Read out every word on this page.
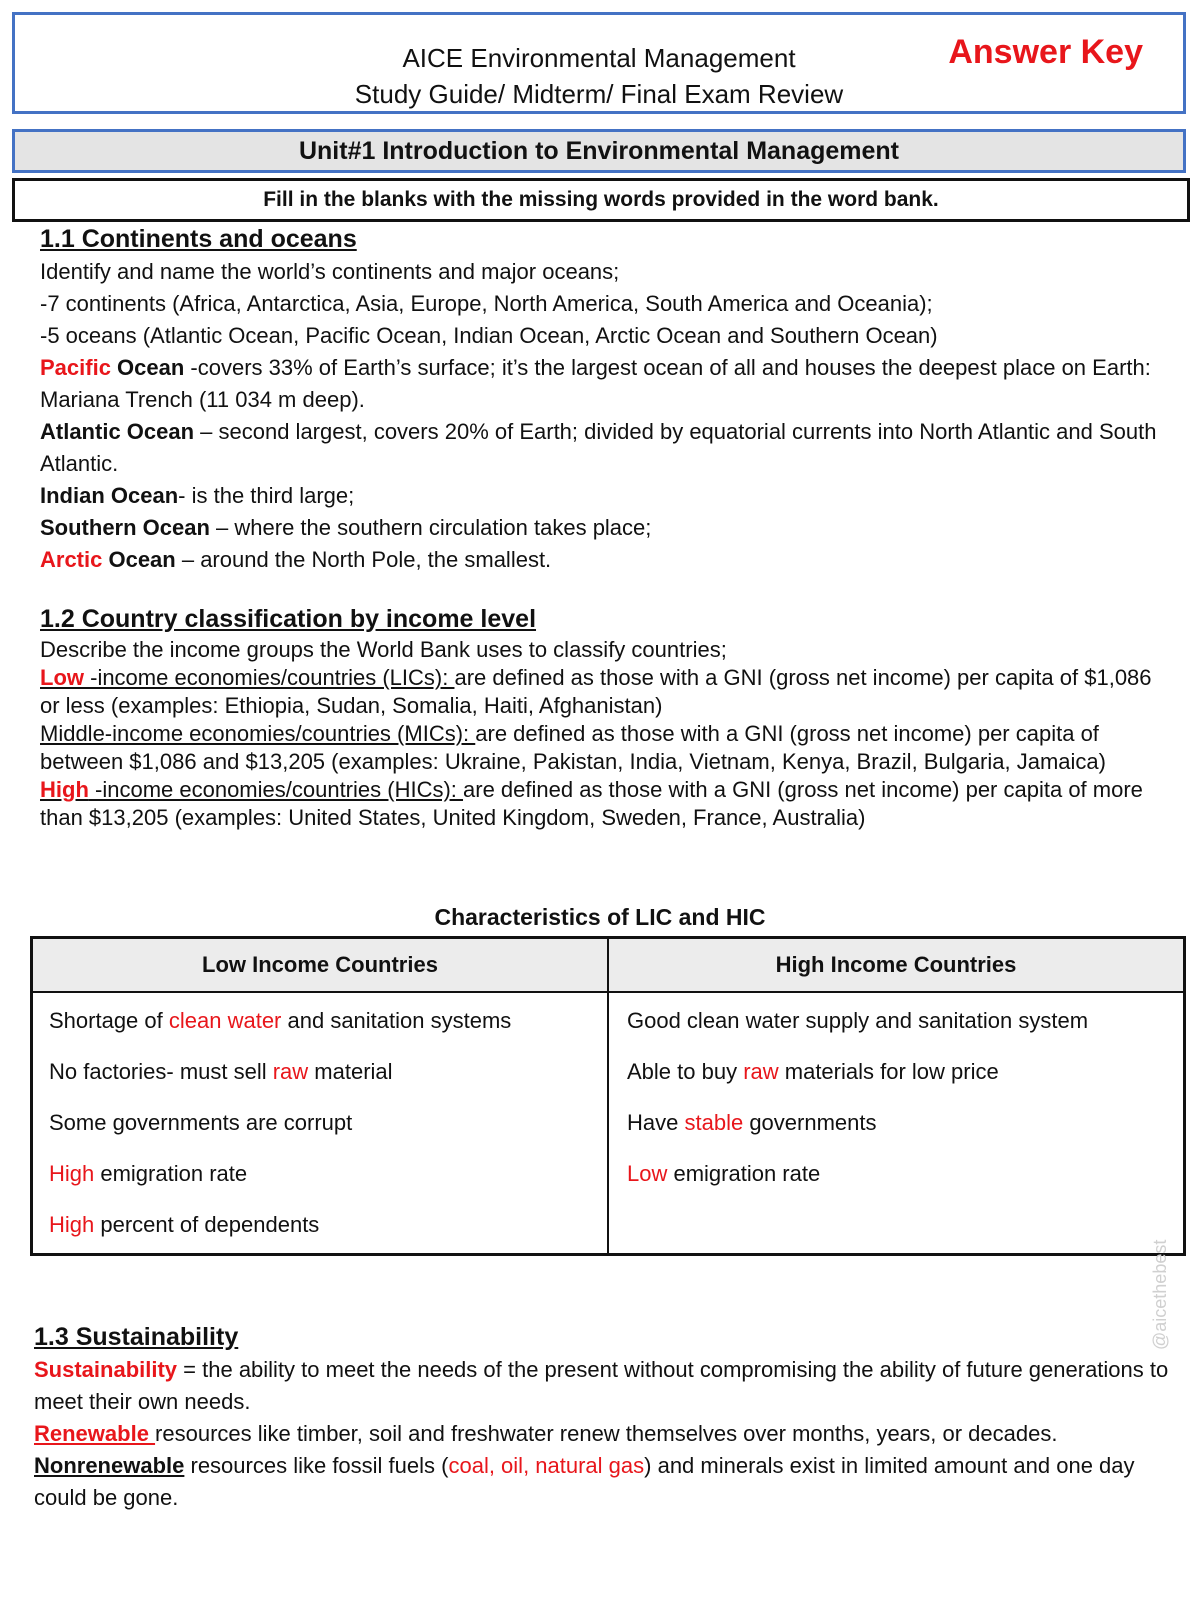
AICE Environmental Management
Study Guide/ Midterm/ Final Exam Review
Answer Key
Unit#1 Introduction to Environmental Management
Fill in the blanks with the missing words provided in the word bank.
1.1 Continents and oceans

Identify and name the world’s continents and major oceans;

-7 continents (Africa, Antarctica, Asia, Europe, North America, South America and Oceania);

-5 oceans (Atlantic Ocean, Pacific Ocean, Indian Ocean, Arctic Ocean and Southern Ocean)

Pacific Ocean -covers 33% of Earth’s surface; it’s the largest ocean of all and houses the deepest place on Earth: Mariana Trench (11 034 m deep).

Atlantic Ocean – second largest, covers 20% of Earth; divided by equatorial currents into North Atlantic and South Atlantic.

Indian Ocean- is the third large;

Southern Ocean – where the southern circulation takes place;

Arctic Ocean – around the North Pole, the smallest.

1.2 Country classification by income level

Describe the income groups the World Bank uses to classify countries;

Low -income economies/countries (LICs): are defined as those with a GNI (gross net income) per capita of $1,086 or less (examples: Ethiopia, Sudan, Somalia, Haiti, Afghanistan)

Middle-income economies/countries (MICs): are defined as those with a GNI (gross net income) per capita of between $1,086 and $13,205 (examples: Ukraine, Pakistan, India, Vietnam, Kenya, Brazil, Bulgaria, Jamaica)

High -income economies/countries (HICs): are defined as those with a GNI (gross net income) per capita of more than $13,205 (examples: United States, United Kingdom, Sweden, France, Australia)

Characteristics of LIC and HIC
Low Income Countries	High Income Countries
Shortage of clean water and sanitation systems
No factories- must sell raw material
Some governments are corrupt
High emigration rate
High percent of dependents
Good clean water supply and sanitation system
Able to buy raw materials for low price
Have stable governments
Low emigration rate
@aicethebest
1.3 Sustainability

Sustainability = the ability to meet the needs of the present without compromising the ability of future generations to meet their own needs.

Renewable resources like timber, soil and freshwater renew themselves over months, years, or decades.

Nonrenewable resources like fossil fuels (coal, oil, natural gas) and minerals exist in limited amount and one day could be gone.
